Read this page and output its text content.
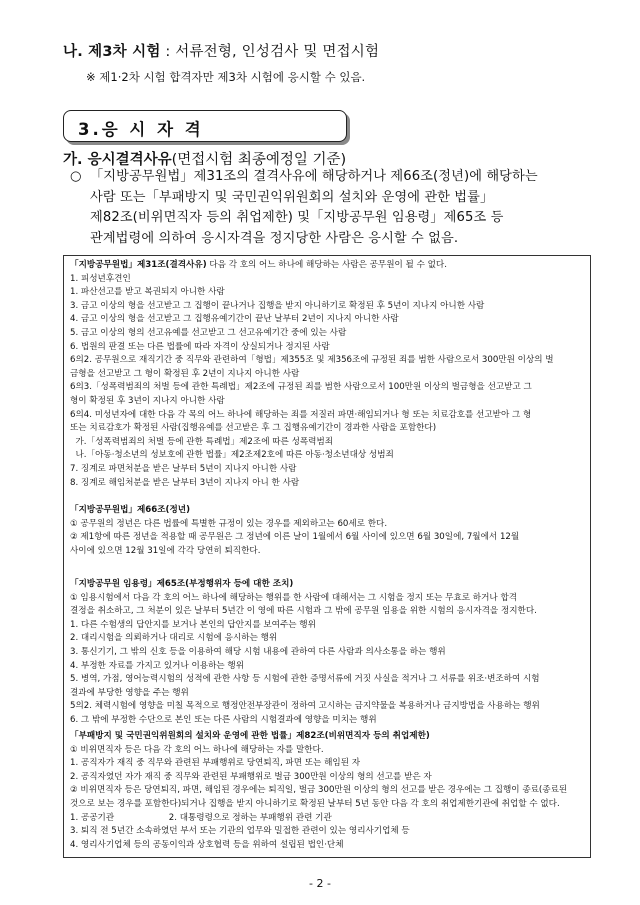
나. 제3차 시험 : 서류전형, 인성검사 및 면접시험
※ 제1·2차 시험 합격자만 제3차 시험에 응시할 수 있음.
3.응 시 자 격
가. 응시결격사유(면접시험 최종예정일 기준)
○ 「지방공무원법」제31조의 결격사유에 해당하거나 제66조(정년)에 해당하는

사람 또는「부패방지 및 국민권익위원회의 설치와 운영에 관한 법률」

제82조(비위면직자 등의 취업제한) 및「지방공무원 임용령」제65조 등

관계법령에 의하여 응시자격을 정지당한 사람은 응시할 수 없음.

「지방공무원법」제31조(결격사유) 다음 각 호의 어느 하나에 해당하는 사람은 공무원이 될 수 없다.

1. 피성년후견인

1. 파산선고를 받고 복권되지 아니한 사람

3. 금고 이상의 형을 선고받고 그 집행이 끝나거나 집행을 받지 아니하기로 확정된 후 5년이 지나지 아니한 사람

4. 금고 이상의 형을 선고받고 그 집행유예기간이 끝난 날부터 2년이 지나지 아니한 사람

5. 금고 이상의 형의 선고유예를 선고받고 그 선고유예기간 중에 있는 사람

6. 법원의 판결 또는 다른 법률에 따라 자격이 상실되거나 정지된 사람

6의2. 공무원으로 재직기간 중 직무와 관련하여「형법」제355조 및 제356조에 규정된 죄를 범한 사람으로서 300만원 이상의 벌

금형을 선고받고 그 형이 확정된 후 2년이 지나지 아니한 사람

6의3.「성폭력범죄의 처벌 등에 관한 특례법」제2조에 규정된 죄를 범한 사람으로서 100만원 이상의 벌금형을 선고받고 그

형이 확정된 후 3년이 지나지 아니한 사람

6의4. 미성년자에 대한 다음 각 목의 어느 하나에 해당하는 죄를 저질러 파면·해임되거나 형 또는 치료감호를 선고받아 그 형

또는 치료감호가 확정된 사람(집행유예를 선고받은 후 그 집행유예기간이 경과한 사람을 포함한다)

가.「성폭력범죄의 처벌 등에 관한 특례법」제2조에 따른 성폭력범죄

나.「아동·청소년의 성보호에 관한 법률」제2조제2호에 따른 아동·청소년대상 성범죄

7. 징계로 파면처분을 받은 날부터 5년이 지나지 아니한 사람

8. 징계로 해임처분을 받은 날부터 3년이 지나지 아니 한 사람

「지방공무원법」제66조(정년)

① 공무원의 정년은 다른 법률에 특별한 규정이 있는 경우를 제외하고는 60세로 한다.

② 제1항에 따른 정년을 적용할 때 공무원은 그 정년에 이른 날이 1월에서 6월 사이에 있으면 6월 30일에, 7월에서 12월

사이에 있으면 12월 31일에 각각 당연히 퇴직한다.

「지방공무원 임용령」제65조(부정행위자 등에 대한 조치)

① 임용시험에서 다음 각 호의 어느 하나에 해당하는 행위를 한 사람에 대해서는 그 시험을 정지 또는 무효로 하거나 합격

결정을 취소하고, 그 처분이 있은 날부터 5년간 이 영에 따른 시험과 그 밖에 공무원 임용을 위한 시험의 응시자격을 정지한다.

1. 다른 수험생의 답안지를 보거나 본인의 답안지를 보여주는 행위

2. 대리시험을 의뢰하거나 대리로 시험에 응시하는 행위

3. 통신기기, 그 밖의 신호 등을 이용하여 해당 시험 내용에 관하여 다른 사람과 의사소통을 하는 행위

4. 부정한 자료를 가지고 있거나 이용하는 행위

5. 병역, 가점, 영어능력시험의 성적에 관한 사항 등 시험에 관한 증명서류에 거짓 사실을 적거나 그 서류를 위조·변조하여 시험

결과에 부당한 영향을 주는 행위

5의2. 체력시험에 영향을 미칠 목적으로 행정안전부장관이 정하여 고시하는 금지약물을 복용하거나 금지방법을 사용하는 행위

6. 그 밖에 부정한 수단으로 본인 또는 다른 사람의 시험결과에 영향을 미치는 행위

「부패방지 및 국민권익위원회의 설치와 운영에 관한 법률」제82조(비위면직자 등의 취업제한)

① 비위면직자 등은 다음 각 호의 어느 하나에 해당하는 자를 말한다.

1. 공직자가 재직 중 직무와 관련된 부패행위로 당연퇴직, 파면 또는 해임된 자

2. 공직자였던 자가 재직 중 직무와 관련된 부패행위로 벌금 300만원 이상의 형의 선고를 받은 자

② 비위면직자 등은 당연퇴직, 파면, 해임된 경우에는 퇴직일, 벌금 300만원 이상의 형의 선고를 받은 경우에는 그 집행이 종료(종료된

것으로 보는 경우를 포함한다)되거나 집행을 받지 아니하기로 확정된 날부터 5년 동안 다음 각 호의 취업제한기관에 취업할 수 없다.

1. 공공기관                    2. 대통령령으로 정하는 부패행위 관련 기관

3. 퇴직 전 5년간 소속하였던 부서 또는 기관의 업무와 밀접한 관련이 있는 영리사기업체 등

4. 영리사기업체 등의 공동이익과 상호협력 등을 위하여 설립된 법인·단체

- 2 -
